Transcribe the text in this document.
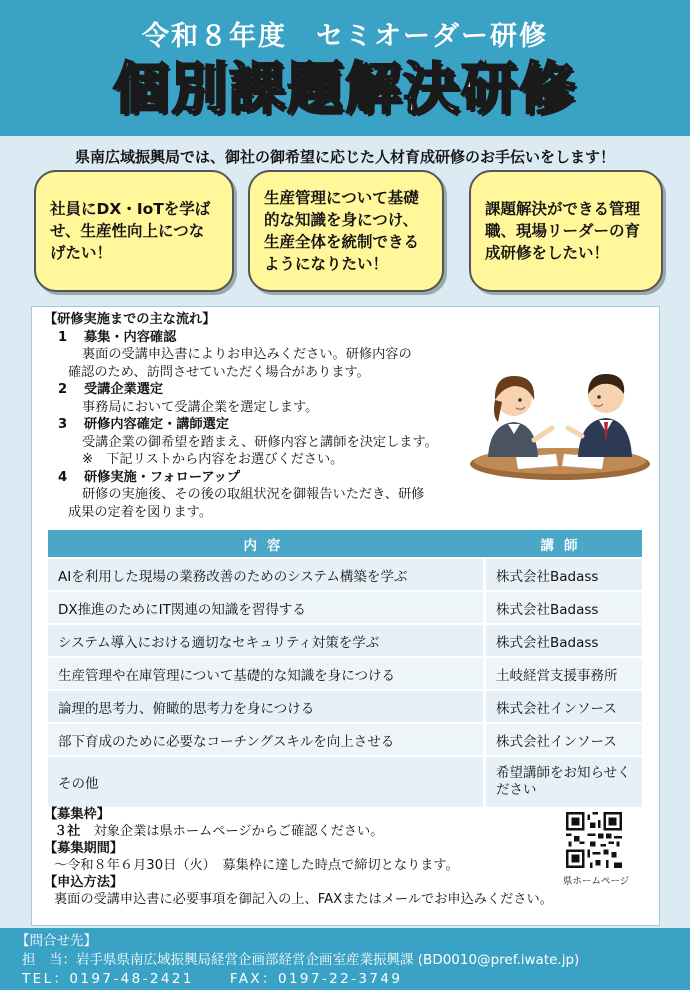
令和８年度　セミオーダー研修
個別課題解決研修
県南広域振興局では、御社の御希望に応じた人材育成研修のお手伝いをします！
社員にDX・IoTを学ばせ、生産性向上につなげたい！
生産管理について基礎的な知識を身につけ、生産全体を統制できるようになりたい！
課題解決ができる管理職、現場リーダーの育成研修をしたい！
【研修実施までの主な流れ】
1 募集・内容確認
裏面の受講申込書によりお申込みください。研修内容の
確認のため、訪問させていただく場合があります。
2 受講企業選定
事務局において受講企業を選定します。
3 研修内容確定・講師選定
受講企業の御希望を踏まえ、研修内容と講師を決定します。
※　下記リストから内容をお選びください。
4 研修実施・フォローアップ
研修の実施後、その後の取組状況を御報告いただき、研修
成果の定着を図ります。
内容	講師
AIを利用した現場の業務改善のためのシステム構築を学ぶ	株式会社Badass
DX推進のためにIT関連の知識を習得する	株式会社Badass
システム導入における適切なセキュリティ対策を学ぶ	株式会社Badass
生産管理や在庫管理について基礎的な知識を身につける	土岐経営支援事務所
論理的思考力、俯瞰的思考力を身につける	株式会社インソース
部下育成のために必要なコーチングスキルを向上させる	株式会社インソース
その他	希望講師をお知らせください
【募集枠】
３社　 対象企業は県ホームページからご確認ください。
【募集期間】
～令和８年６月30日（火）　募集枠に達した時点で締切となります。
【申込方法】
裏面の受講申込書に必要事項を御記入の上、FAXまたはメールでお申込みください。
県ホームページ
【問合せ先】
担　当：岩手県県南広域振興局経営企画部経営企画室産業振興課 (BD0010@pref.iwate.jp)
TEL：0197-48-2421	FAX：0197-22-3749
